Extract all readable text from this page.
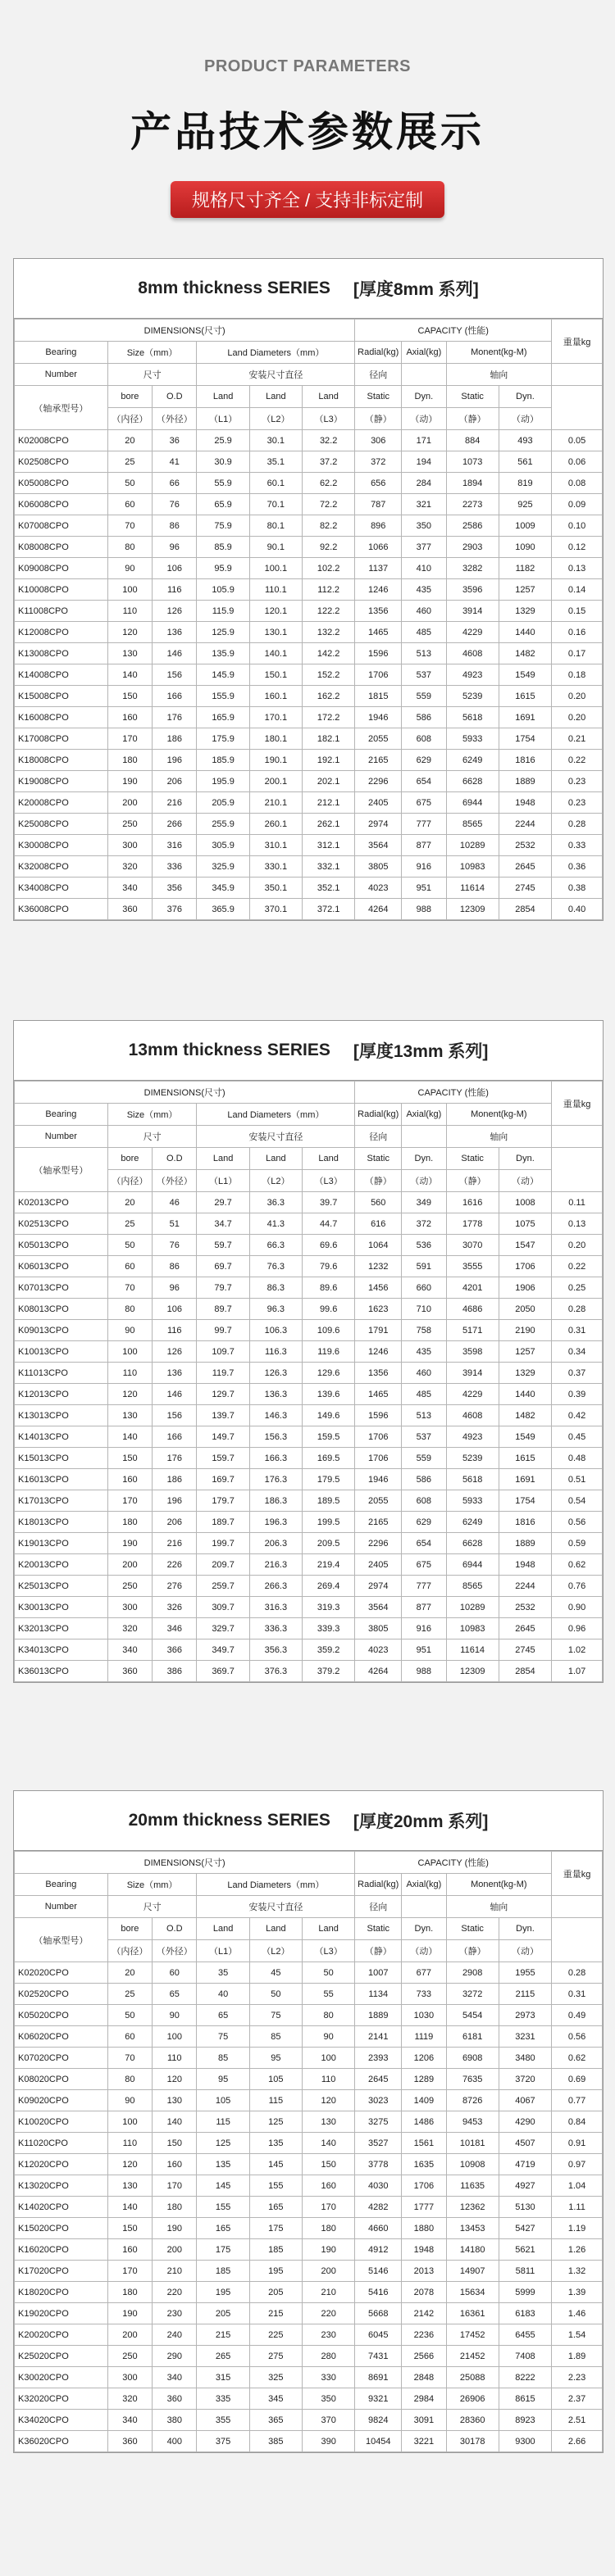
PRODUCT PARAMETERS
产品技术参数展示
规格尺寸齐全 / 支持非标定制
8mm thickness SERIES [厚度8mm 系列]
DIMENSIONS(尺寸)						CAPACITY (性能)				重量kg
Bearing	Size（mm）		Land Diameters（mm）			Radial(kg)	Axial(kg)	Monent(kg-M)		
Number	尺寸		安装尺寸直径			径向		轴向		
（轴承型号）	bore	O.D	Land	Land	Land	Static	Dyn.	Static	Dyn.	
	（内径）	（外径）	（L1）	（L2）	（L3）	（静）	（动）	（静）	（动）	
K02008CPO	20	36	25.9	30.1	32.2	306	171	884	493	0.05
K02508CPO	25	41	30.9	35.1	37.2	372	194	1073	561	0.06
K05008CPO	50	66	55.9	60.1	62.2	656	284	1894	819	0.08
K06008CPO	60	76	65.9	70.1	72.2	787	321	2273	925	0.09
K07008CPO	70	86	75.9	80.1	82.2	896	350	2586	1009	0.10
K08008CPO	80	96	85.9	90.1	92.2	1066	377	2903	1090	0.12
K09008CPO	90	106	95.9	100.1	102.2	1137	410	3282	1182	0.13
K10008CPO	100	116	105.9	110.1	112.2	1246	435	3596	1257	0.14
K11008CPO	110	126	115.9	120.1	122.2	1356	460	3914	1329	0.15
K12008CPO	120	136	125.9	130.1	132.2	1465	485	4229	1440	0.16
K13008CPO	130	146	135.9	140.1	142.2	1596	513	4608	1482	0.17
K14008CPO	140	156	145.9	150.1	152.2	1706	537	4923	1549	0.18
K15008CPO	150	166	155.9	160.1	162.2	1815	559	5239	1615	0.20
K16008CPO	160	176	165.9	170.1	172.2	1946	586	5618	1691	0.20
K17008CPO	170	186	175.9	180.1	182.1	2055	608	5933	1754	0.21
K18008CPO	180	196	185.9	190.1	192.1	2165	629	6249	1816	0.22
K19008CPO	190	206	195.9	200.1	202.1	2296	654	6628	1889	0.23
K20008CPO	200	216	205.9	210.1	212.1	2405	675	6944	1948	0.23
K25008CPO	250	266	255.9	260.1	262.1	2974	777	8565	2244	0.28
K30008CPO	300	316	305.9	310.1	312.1	3564	877	10289	2532	0.33
K32008CPO	320	336	325.9	330.1	332.1	3805	916	10983	2645	0.36
K34008CPO	340	356	345.9	350.1	352.1	4023	951	11614	2745	0.38
K36008CPO	360	376	365.9	370.1	372.1	4264	988	12309	2854	0.40
13mm thickness SERIES [厚度13mm 系列]
DIMENSIONS(尺寸)						CAPACITY (性能)				重量kg
Bearing	Size（mm）		Land Diameters（mm）			Radial(kg)	Axial(kg)	Monent(kg-M)		
Number	尺寸		安装尺寸直径			径向		轴向		
（轴承型号）	bore	O.D	Land	Land	Land	Static	Dyn.	Static	Dyn.	
	（内径）	（外径）	（L1）	（L2）	（L3）	（静）	（动）	（静）	（动）	
K02013CPO	20	46	29.7	36.3	39.7	560	349	1616	1008	0.11
K02513CPO	25	51	34.7	41.3	44.7	616	372	1778	1075	0.13
K05013CPO	50	76	59.7	66.3	69.6	1064	536	3070	1547	0.20
K06013CPO	60	86	69.7	76.3	79.6	1232	591	3555	1706	0.22
K07013CPO	70	96	79.7	86.3	89.6	1456	660	4201	1906	0.25
K08013CPO	80	106	89.7	96.3	99.6	1623	710	4686	2050	0.28
K09013CPO	90	116	99.7	106.3	109.6	1791	758	5171	2190	0.31
K10013CPO	100	126	109.7	116.3	119.6	1246	435	3598	1257	0.34
K11013CPO	110	136	119.7	126.3	129.6	1356	460	3914	1329	0.37
K12013CPO	120	146	129.7	136.3	139.6	1465	485	4229	1440	0.39
K13013CPO	130	156	139.7	146.3	149.6	1596	513	4608	1482	0.42
K14013CPO	140	166	149.7	156.3	159.5	1706	537	4923	1549	0.45
K15013CPO	150	176	159.7	166.3	169.5	1706	559	5239	1615	0.48
K16013CPO	160	186	169.7	176.3	179.5	1946	586	5618	1691	0.51
K17013CPO	170	196	179.7	186.3	189.5	2055	608	5933	1754	0.54
K18013CPO	180	206	189.7	196.3	199.5	2165	629	6249	1816	0.56
K19013CPO	190	216	199.7	206.3	209.5	2296	654	6628	1889	0.59
K20013CPO	200	226	209.7	216.3	219.4	2405	675	6944	1948	0.62
K25013CPO	250	276	259.7	266.3	269.4	2974	777	8565	2244	0.76
K30013CPO	300	326	309.7	316.3	319.3	3564	877	10289	2532	0.90
K32013CPO	320	346	329.7	336.3	339.3	3805	916	10983	2645	0.96
K34013CPO	340	366	349.7	356.3	359.2	4023	951	11614	2745	1.02
K36013CPO	360	386	369.7	376.3	379.2	4264	988	12309	2854	1.07
20mm thickness SERIES [厚度20mm 系列]
DIMENSIONS(尺寸)						CAPACITY (性能)				重量kg
Bearing	Size（mm）		Land Diameters（mm）			Radial(kg)	Axial(kg)	Monent(kg-M)		
Number	尺寸		安装尺寸直径			径向		轴向		
（轴承型号）	bore	O.D	Land	Land	Land	Static	Dyn.	Static	Dyn.	
	（内径）	（外径）	（L1）	（L2）	（L3）	（静）	（动）	（静）	（动）	
K02020CPO	20	60	35	45	50	1007	677	2908	1955	0.28
K02520CPO	25	65	40	50	55	1134	733	3272	2115	0.31
K05020CPO	50	90	65	75	80	1889	1030	5454	2973	0.49
K06020CPO	60	100	75	85	90	2141	1119	6181	3231	0.56
K07020CPO	70	110	85	95	100	2393	1206	6908	3480	0.62
K08020CPO	80	120	95	105	110	2645	1289	7635	3720	0.69
K09020CPO	90	130	105	115	120	3023	1409	8726	4067	0.77
K10020CPO	100	140	115	125	130	3275	1486	9453	4290	0.84
K11020CPO	110	150	125	135	140	3527	1561	10181	4507	0.91
K12020CPO	120	160	135	145	150	3778	1635	10908	4719	0.97
K13020CPO	130	170	145	155	160	4030	1706	11635	4927	1.04
K14020CPO	140	180	155	165	170	4282	1777	12362	5130	1.11
K15020CPO	150	190	165	175	180	4660	1880	13453	5427	1.19
K16020CPO	160	200	175	185	190	4912	1948	14180	5621	1.26
K17020CPO	170	210	185	195	200	5146	2013	14907	5811	1.32
K18020CPO	180	220	195	205	210	5416	2078	15634	5999	1.39
K19020CPO	190	230	205	215	220	5668	2142	16361	6183	1.46
K20020CPO	200	240	215	225	230	6045	2236	17452	6455	1.54
K25020CPO	250	290	265	275	280	7431	2566	21452	7408	1.89
K30020CPO	300	340	315	325	330	8691	2848	25088	8222	2.23
K32020CPO	320	360	335	345	350	9321	2984	26906	8615	2.37
K34020CPO	340	380	355	365	370	9824	3091	28360	8923	2.51
K36020CPO	360	400	375	385	390	10454	3221	30178	9300	2.66
